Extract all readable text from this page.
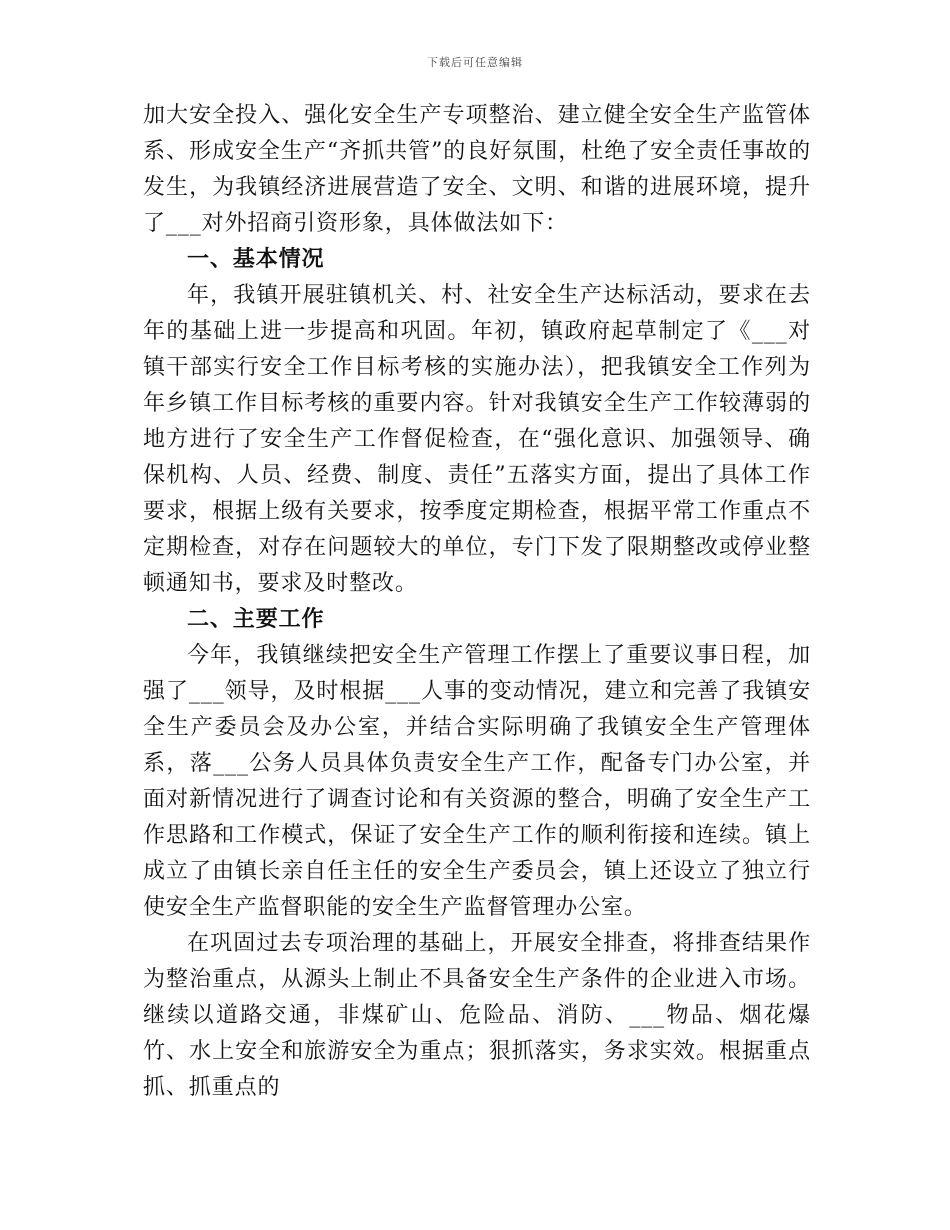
下载后可任意编辑

加大安全投入、强化安全生产专项整治、建立健全安全生产监管体系、形成安全生产“齐抓共管”的良好氛围，杜绝了安全责任事故的发生，为我镇经济进展营造了安全、文明、和谐的进展环境，提升了___对外招商引资形象，具体做法如下：

一、基本情况

年，我镇开展驻镇机关、村、社安全生产达标活动，要求在去年的基础上进一步提高和巩固。年初，镇政府起草制定了《___对镇干部实行安全工作目标考核的实施办法），把我镇安全工作列为年乡镇工作目标考核的重要内容。针对我镇安全生产工作较薄弱的地方进行了安全生产工作督促检查，在“强化意识、加强领导、确保机构、人员、经费、制度、责任”五落实方面，提出了具体工作要求，根据上级有关要求，按季度定期检查，根据平常工作重点不定期检查，对存在问题较大的单位，专门下发了限期整改或停业整顿通知书，要求及时整改。

二、主要工作

今年，我镇继续把安全生产管理工作摆上了重要议事日程，加强了___领导，及时根据___人事的变动情况，建立和完善了我镇安全生产委员会及办公室，并结合实际明确了我镇安全生产管理体系，落___公务人员具体负责安全生产工作，配备专门办公室，并面对新情况进行了调查讨论和有关资源的整合，明确了安全生产工作思路和工作模式，保证了安全生产工作的顺利衔接和连续。镇上成立了由镇长亲自任主任的安全生产委员会，镇上还设立了独立行使安全生产监督职能的安全生产监督管理办公室。

在巩固过去专项治理的基础上，开展安全排查，将排查结果作为整治重点，从源头上制止不具备安全生产条件的企业进入市场。继续以道路交通，非煤矿山、危险品、消防、___物品、烟花爆竹、水上安全和旅游安全为重点；狠抓落实，务求实效。根据重点抓、抓重点的
